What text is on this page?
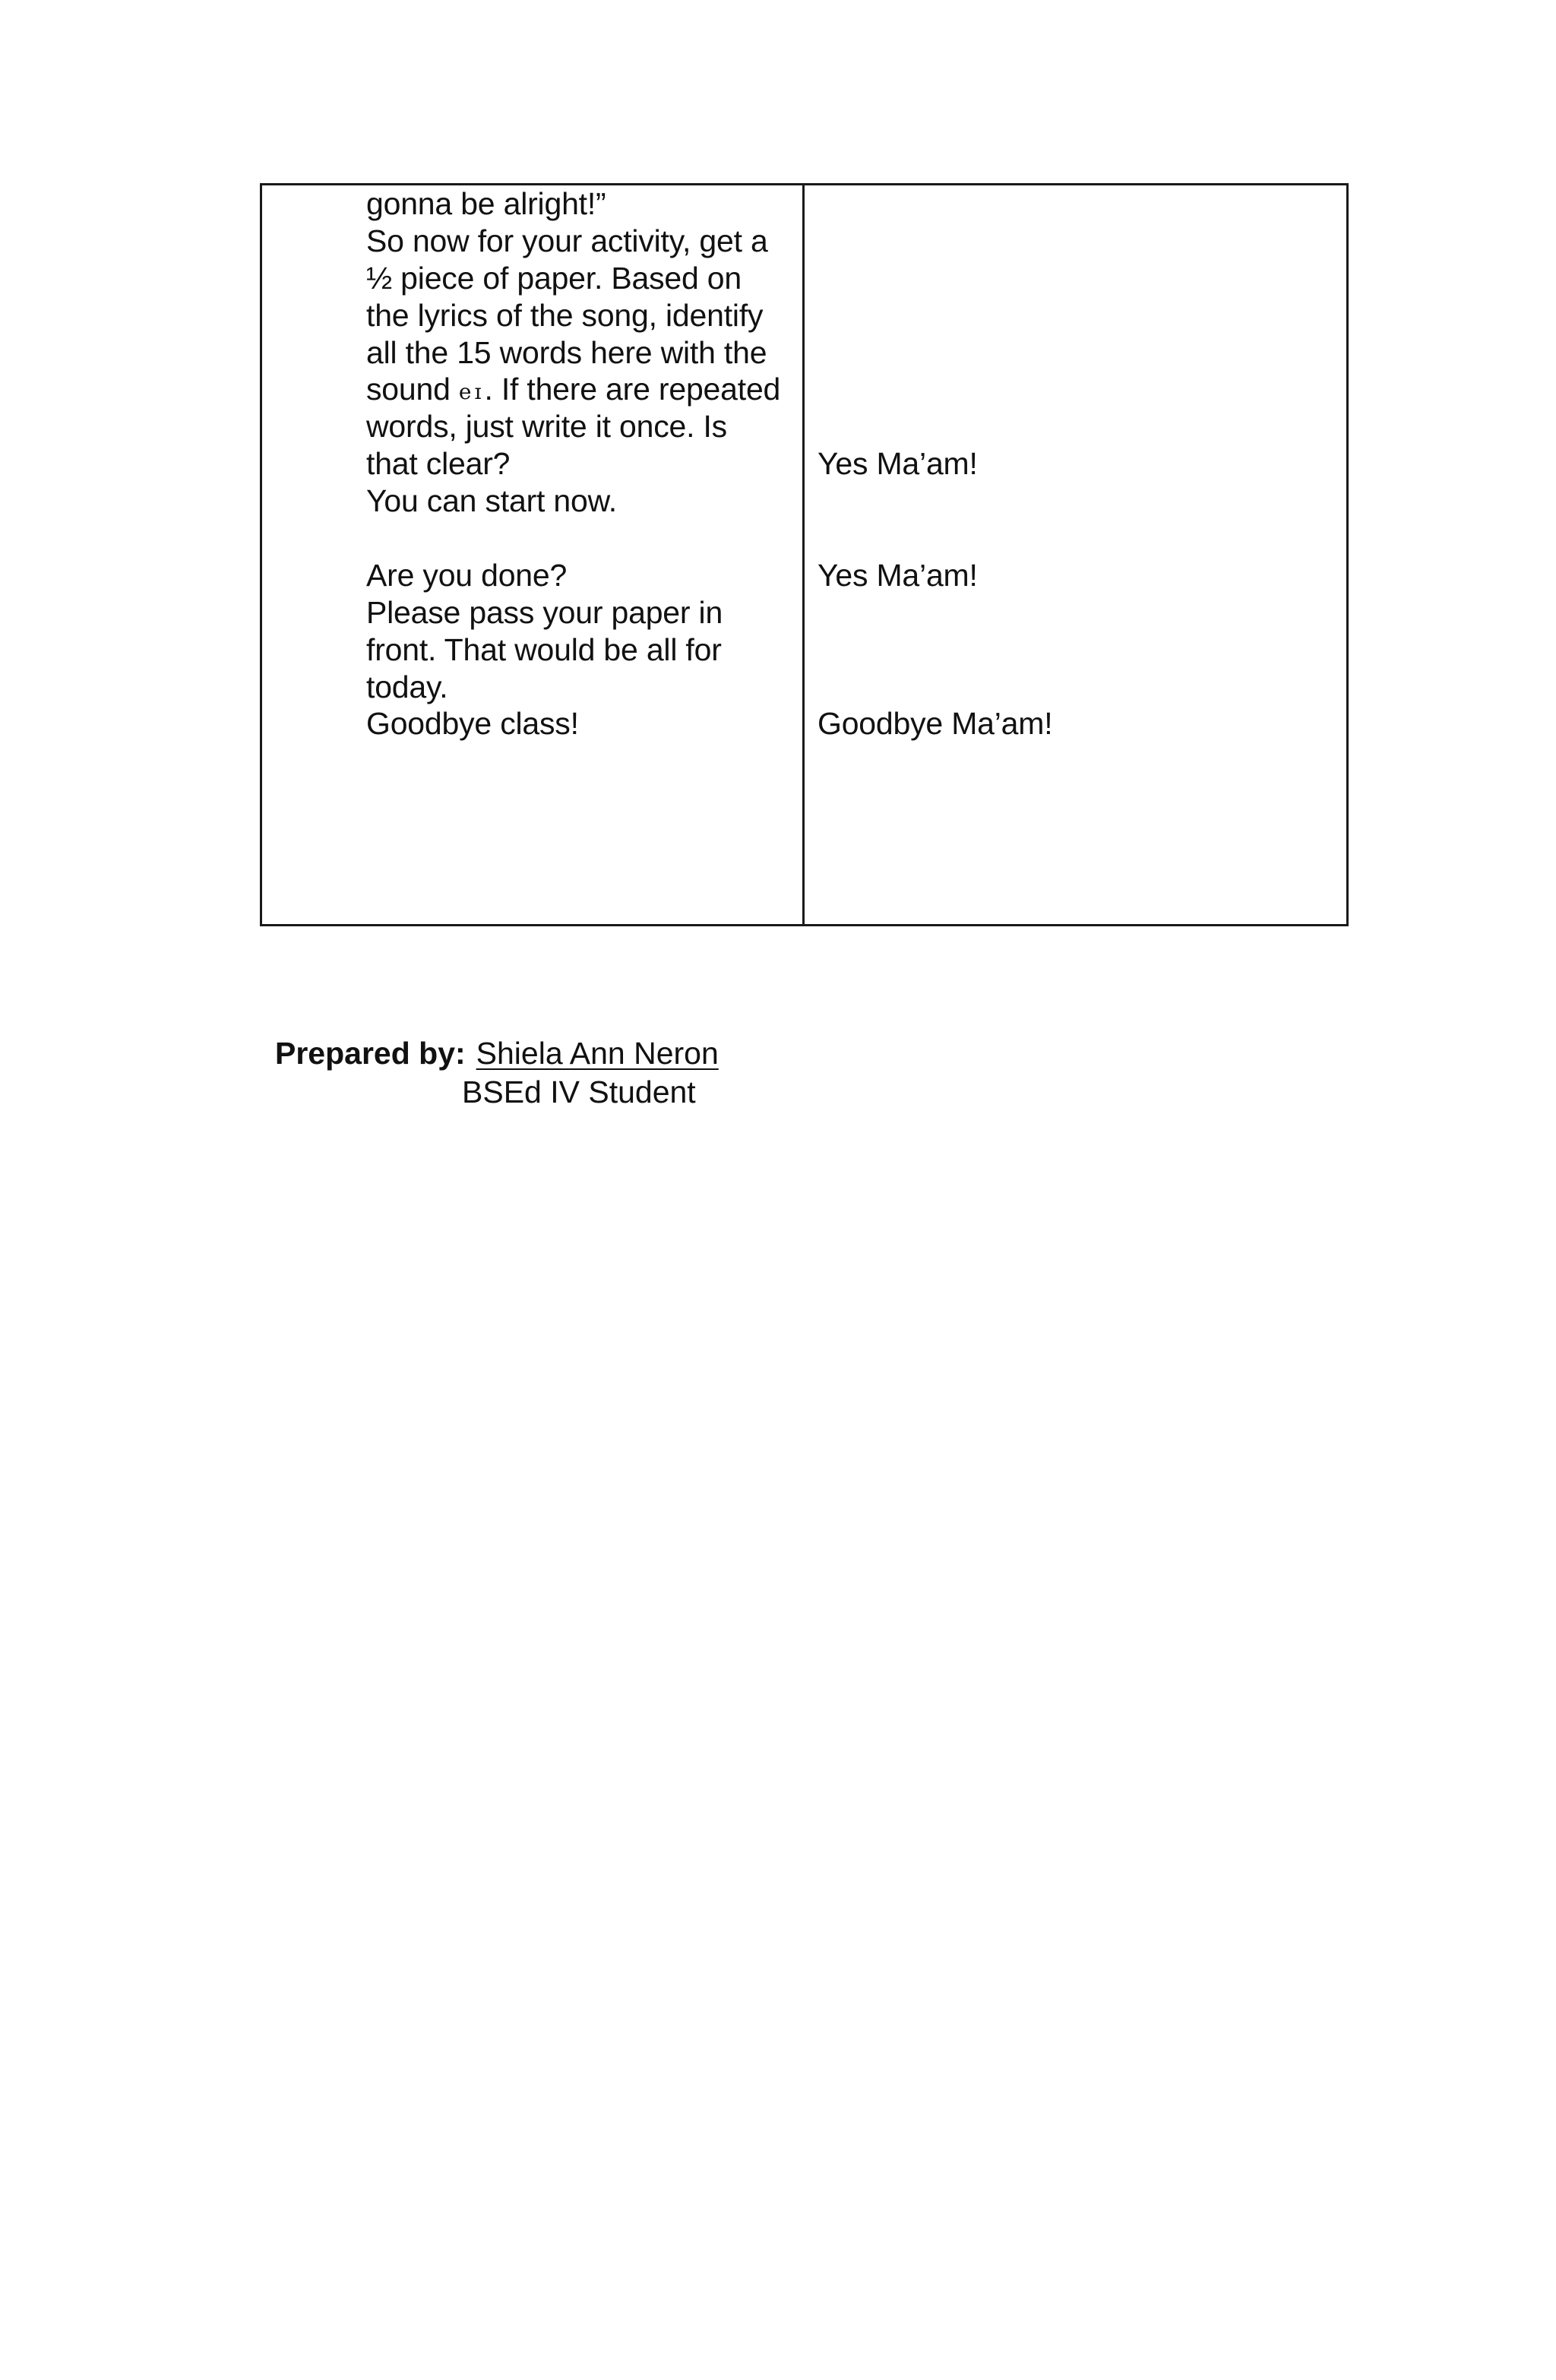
gonna be alright!”
So now for your activity, get a
½ piece of paper. Based on
the lyrics of the song, identify
all the 15 words here with the
sound eɪ. If there are repeated
words, just write it once. Is
that clear?
You can start now.
Are you done?
Please pass your paper in
front. That would be all for
today.
Goodbye class!
Yes Ma’am!
Yes Ma’am!
Goodbye Ma’am!
Prepared by: Shiela Ann Neron
BSEd IV Student
